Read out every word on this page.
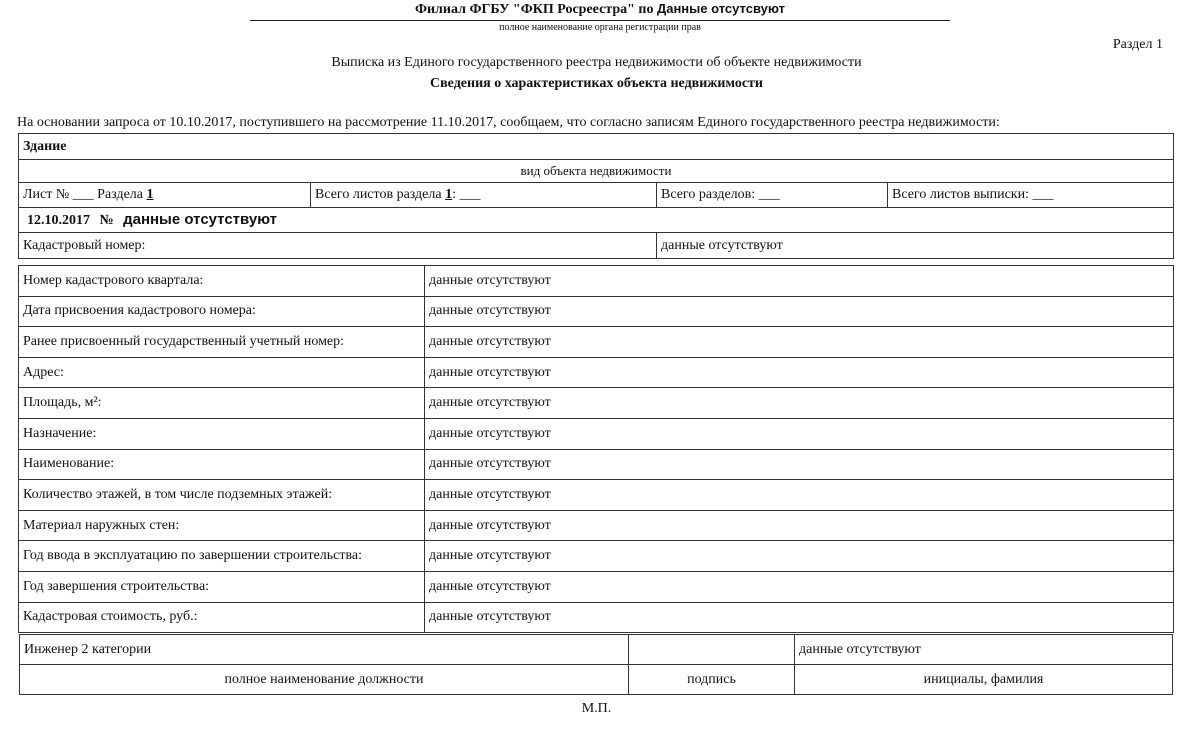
Филиал ФГБУ "ФКП Росреестра" по Данные отсутсвуют
полное наименование органа регистрации прав
Раздел 1
Выписка из Единого государственного реестра недвижимости об объекте недвижимости
Сведения о характеристиках объекта недвижимости
На основании запроса от 10.10.2017, поступившего на рассмотрение 11.10.2017, сообщаем, что согласно записям Единого государственного реестра недвижимости:
Здание			
вид объекта недвижимости			
Лист № ___ Раздела 1	Всего листов раздела 1: ___	Всего разделов: ___	Всего листов выписки: ___
12.10.2017 № данные отсутствуют			
Кадастровый номер:		данные отсутствуют	
Номер кадастрового квартала:	данные отсутствуют
Дата присвоения кадастрового номера:	данные отсутствуют
Ранее присвоенный государственный учетный номер:	данные отсутствуют
Адрес:	данные отсутствуют
Площадь, м²:	данные отсутствуют
Назначение:	данные отсутствуют
Наименование:	данные отсутствуют
Количество этажей, в том числе подземных этажей:	данные отсутствуют
Материал наружных стен:	данные отсутствуют
Год ввода в эксплуатацию по завершении строительства:	данные отсутствуют
Год завершения строительства:	данные отсутствуют
Кадастровая стоимость, руб.:	данные отсутствуют
Инженер 2 категории		данные отсутствуют
полное наименование должности	подпись	инициалы, фамилия
М.П.
